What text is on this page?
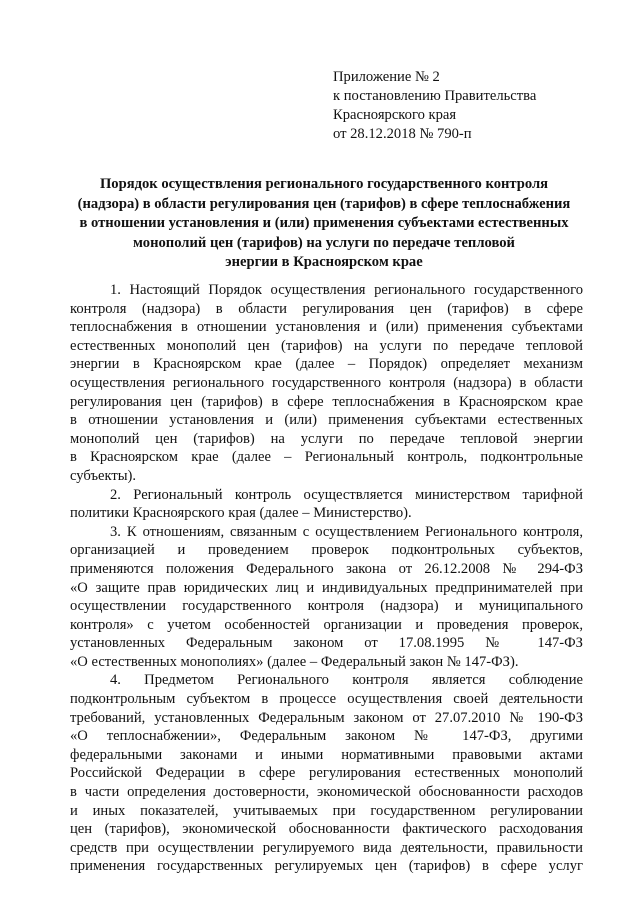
Приложение № 2
к постановлению Правительства
Красноярского края
от 28.12.2018 № 790-п
Порядок осуществления регионального государственного контроля
(надзора) в области регулирования цен (тарифов) в сфере теплоснабжения
в отношении установления и (или) применения субъектами естественных
монополий цен (тарифов) на услуги по передаче тепловой
энергии в Красноярском крае
1. Настоящий Порядок осуществления регионального государственного
контроля (надзора) в области регулирования цен (тарифов) в сфере
теплоснабжения в отношении установления и (или) применения субъектами
естественных монополий цен (тарифов) на услуги по передаче тепловой
энергии в Красноярском крае (далее – Порядок) определяет механизм
осуществления регионального государственного контроля (надзора) в области
регулирования цен (тарифов) в сфере теплоснабжения в Красноярском крае
в отношении установления и (или) применения субъектами естественных
монополий цен (тарифов) на услуги по передаче тепловой энергии
в Красноярском крае (далее – Региональный контроль, подконтрольные
субъекты).
2. Региональный контроль осуществляется министерством тарифной
политики Красноярского края (далее – Министерство).
3. К отношениям, связанным с осуществлением Регионального контроля,
организацией и проведением проверок подконтрольных субъектов,
применяются положения Федерального закона от 26.12.2008 № 294-ФЗ
«О защите прав юридических лиц и индивидуальных предпринимателей при
осуществлении государственного контроля (надзора) и муниципального
контроля» с учетом особенностей организации и проведения проверок,
установленных Федеральным законом от 17.08.1995 № 147-ФЗ
«О естественных монополиях» (далее – Федеральный закон № 147-ФЗ).
4. Предметом Регионального контроля является соблюдение
подконтрольным субъектом в процессе осуществления своей деятельности
требований, установленных Федеральным законом от 27.07.2010 № 190-ФЗ
«О теплоснабжении», Федеральным законом № 147-ФЗ, другими
федеральными законами и иными нормативными правовыми актами
Российской Федерации в сфере регулирования естественных монополий
в части определения достоверности, экономической обоснованности расходов
и иных показателей, учитываемых при государственном регулировании
цен (тарифов), экономической обоснованности фактического расходования
средств при осуществлении регулируемого вида деятельности, правильности
применения государственных регулируемых цен (тарифов) в сфере услуг
